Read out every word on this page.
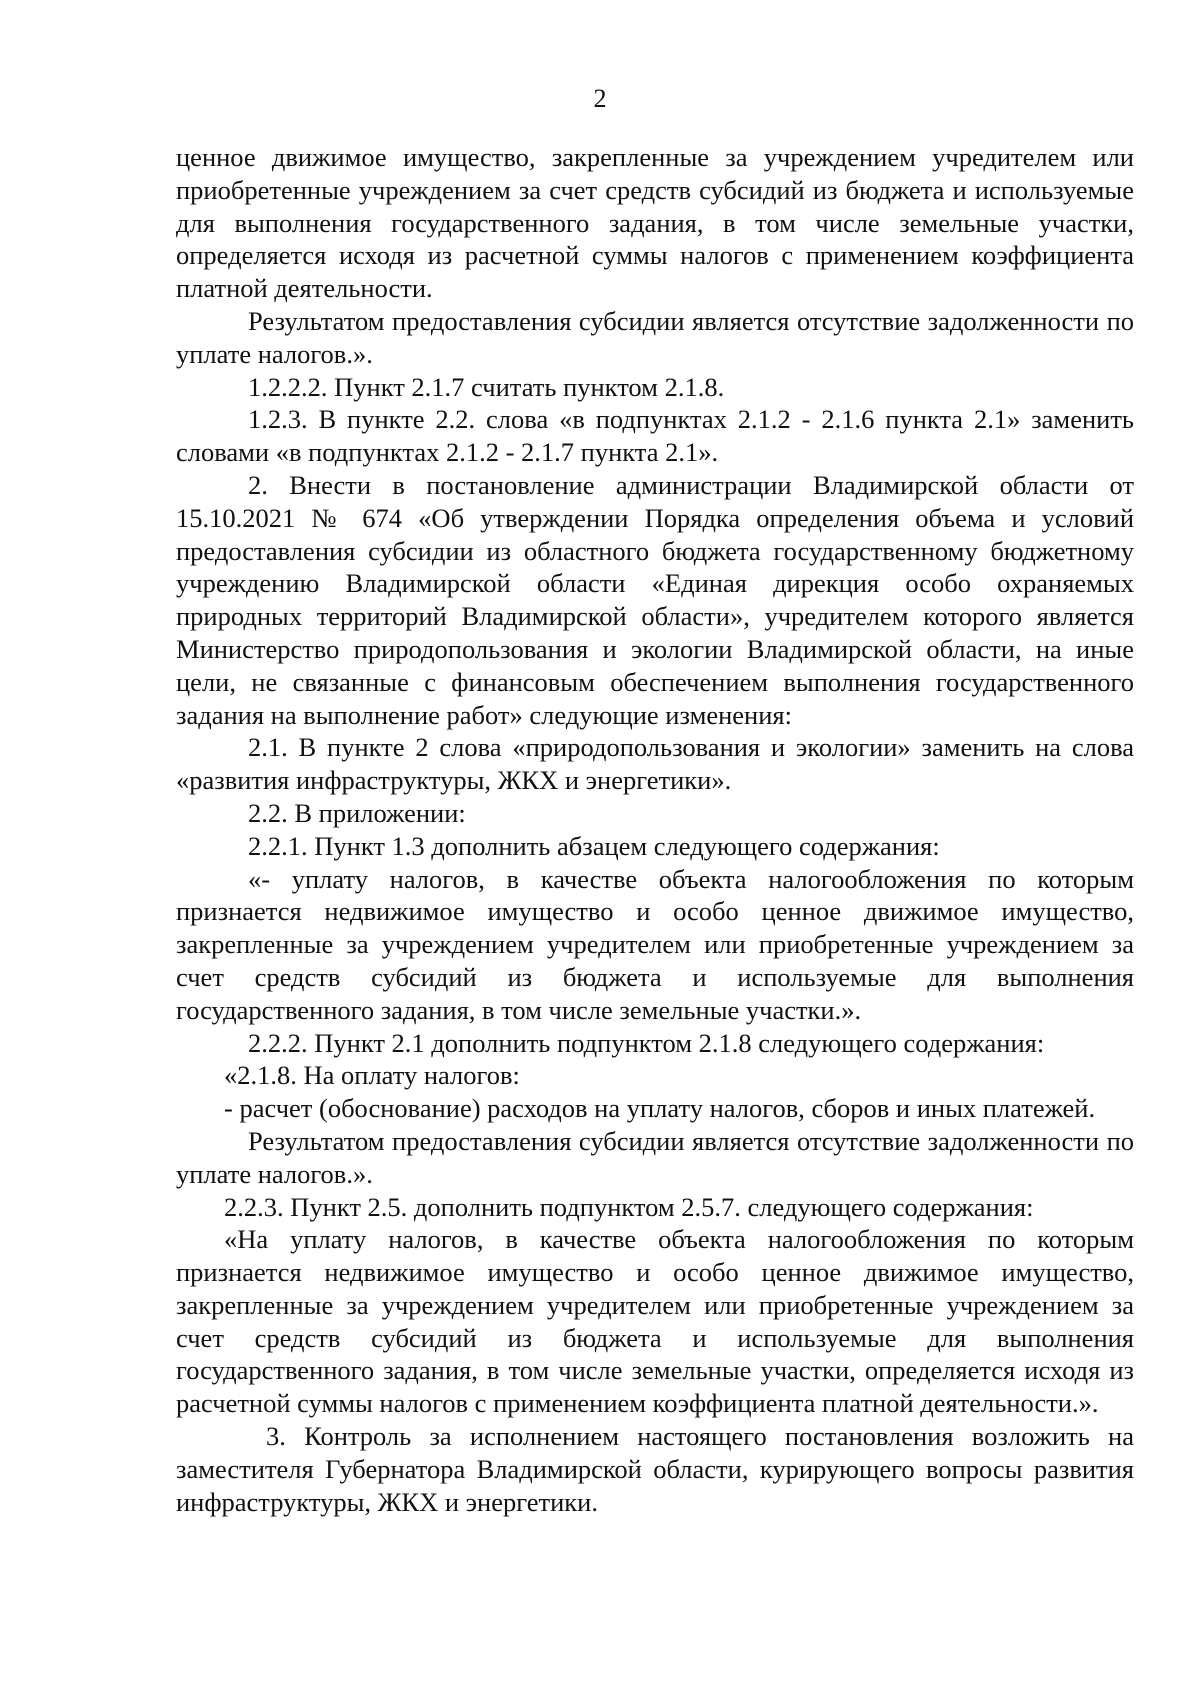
2

ценное движимое имущество, закрепленные за учреждением учредителем или приобретенные учреждением за счет средств субсидий из бюджета и используемые для выполнения государственного задания, в том числе земельные участки, определяется исходя из расчетной суммы налогов с применением коэффициента платной деятельности.

Результатом предоставления субсидии является отсутствие задолженности по уплате налогов.».

1.2.2.2. Пункт 2.1.7 считать пунктом 2.1.8.

1.2.3. В пункте 2.2. слова «в подпунктах 2.1.2 - 2.1.6 пункта 2.1» заменить словами «в подпунктах 2.1.2 - 2.1.7 пункта 2.1».

2. Внести в постановление администрации Владимирской области от 15.10.2021 № 674 «Об утверждении Порядка определения объема и условий предоставления субсидии из областного бюджета государственному бюджетному учреждению Владимирской области «Единая дирекция особо охраняемых природных территорий Владимирской области», учредителем которого является Министерство природопользования и экологии Владимирской области, на иные цели, не связанные с финансовым обеспечением выполнения государственного задания на выполнение работ» следующие изменения:

2.1. В пункте 2 слова «природопользования и экологии» заменить на слова «развития инфраструктуры, ЖКХ и энергетики».

2.2. В приложении:

2.2.1. Пункт 1.3 дополнить абзацем следующего содержания:

«- уплату налогов, в качестве объекта налогообложения по которым признается недвижимое имущество и особо ценное движимое имущество, закрепленные за учреждением учредителем или приобретенные учреждением за счет средств субсидий из бюджета и используемые для выполнения государственного задания, в том числе земельные участки.».

2.2.2. Пункт 2.1 дополнить подпунктом 2.1.8 следующего содержания:

«2.1.8. На оплату налогов:

- расчет (обоснование) расходов на уплату налогов, сборов и иных платежей.

Результатом предоставления субсидии является отсутствие задолженности по уплате налогов.».

2.2.3. Пункт 2.5. дополнить подпунктом 2.5.7. следующего содержания:

«На уплату налогов, в качестве объекта налогообложения по которым признается недвижимое имущество и особо ценное движимое имущество, закрепленные за учреждением учредителем или приобретенные учреждением за счет средств субсидий из бюджета и используемые для выполнения государственного задания, в том числе земельные участки, определяется исходя из расчетной суммы налогов с применением коэффициента платной деятельности.».

3. Контроль за исполнением настоящего постановления возложить на заместителя Губернатора Владимирской области, курирующего вопросы развития инфраструктуры, ЖКХ и энергетики.
